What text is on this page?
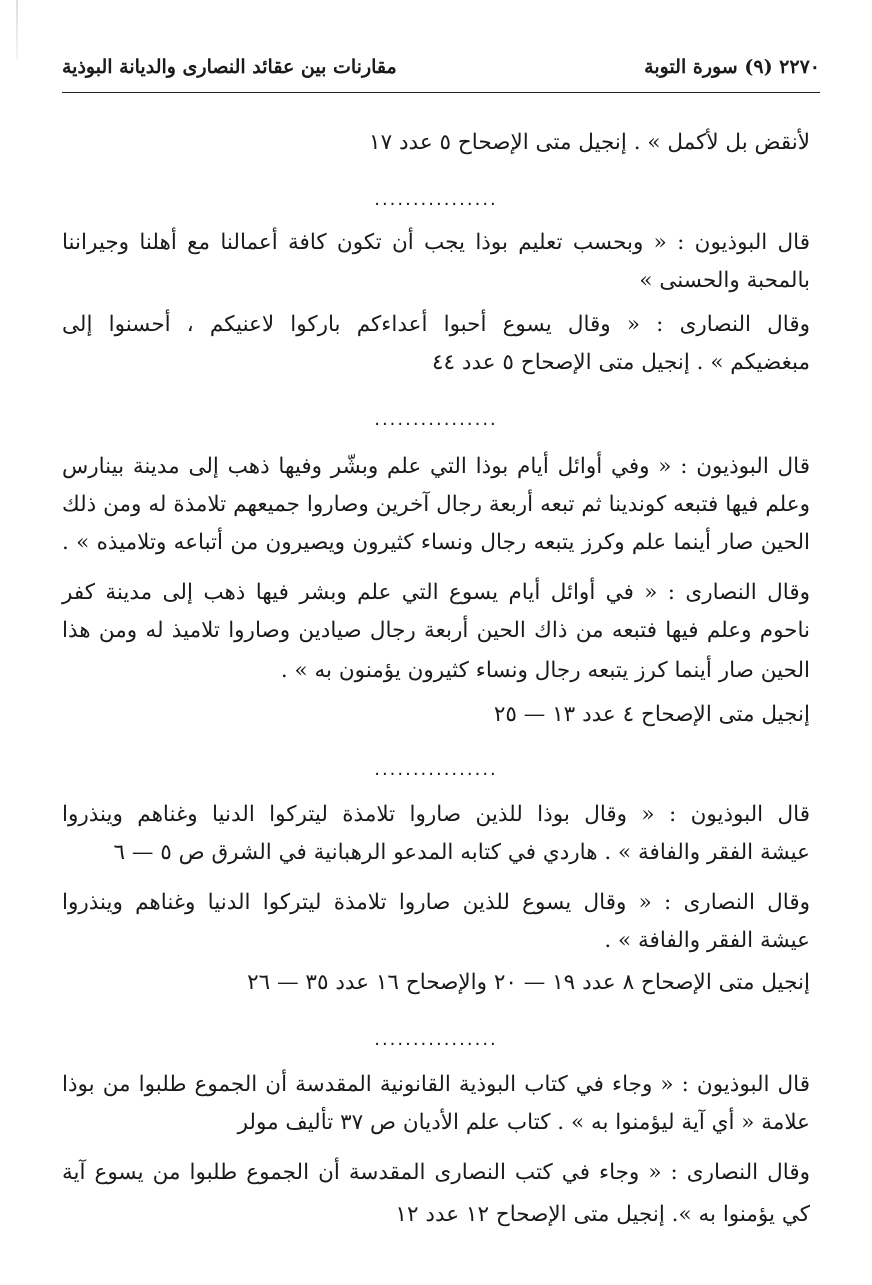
٢٢٧٠ (٩) سورة التوبة
مقارنات بين عقائد النصارى والديانة البوذية
لأنقض بل لأكمل » . إنجيل متى الإصحاح ٥ عدد ١٧
................
قال البوذيون : « وبحسب تعليم بوذا يجب أن تكون كافة أعمالنا مع أهلنا وجيراننا
بالمحبة والحسنى »
وقال النصارى : « وقال يسوع أحبوا أعداءكم باركوا لاعنيكم ، أحسنوا إلى
مبغضيكم » . إنجيل متى الإصحاح ٥ عدد ٤٤
................
قال البوذيون : « وفي أوائل أيام بوذا التي علم وبشّر وفيها ذهب إلى مدينة بينارس
وعلم فيها فتبعه كوندينا ثم تبعه أربعة رجال آخرين وصاروا جميعهم تلامذة له ومن ذلك
الحين صار أينما علم وكرز يتبعه رجال ونساء كثيرون ويصيرون من أتباعه وتلاميذه » .
وقال النصارى : « في أوائل أيام يسوع التي علم وبشر فيها ذهب إلى مدينة كفر
ناحوم وعلم فيها فتبعه من ذاك الحين أربعة رجال صيادين وصاروا تلاميذ له ومن هذا
الحين صار أينما كرز يتبعه رجال ونساء كثيرون يؤمنون به » .
إنجيل متى الإصحاح ٤ عدد ١٣ — ٢٥
................
قال البوذيون : « وقال بوذا للذين صاروا تلامذة ليتركوا الدنيا وغناهم وينذروا
عيشة الفقر والفافة » . هاردي في كتابه المدعو الرهبانية في الشرق ص ٥ — ٦
وقال النصارى : « وقال يسوع للذين صاروا تلامذة ليتركوا الدنيا وغناهم وينذروا
عيشة الفقر والفافة » .
إنجيل متى الإصحاح ٨ عدد ١٩ — ٢٠ والإصحاح ١٦ عدد ٣٥ — ٢٦
................
قال البوذيون : « وجاء في كتاب البوذية القانونية المقدسة أن الجموع طلبوا من بوذا
علامة « أي آية ليؤمنوا به » . كتاب علم الأديان ص ٣٧ تأليف مولر
وقال النصارى : « وجاء في كتب النصارى المقدسة أن الجموع طلبوا من يسوع آية
كي يؤمنوا به ». إنجيل متى الإصحاح ١٢ عدد ١٢
